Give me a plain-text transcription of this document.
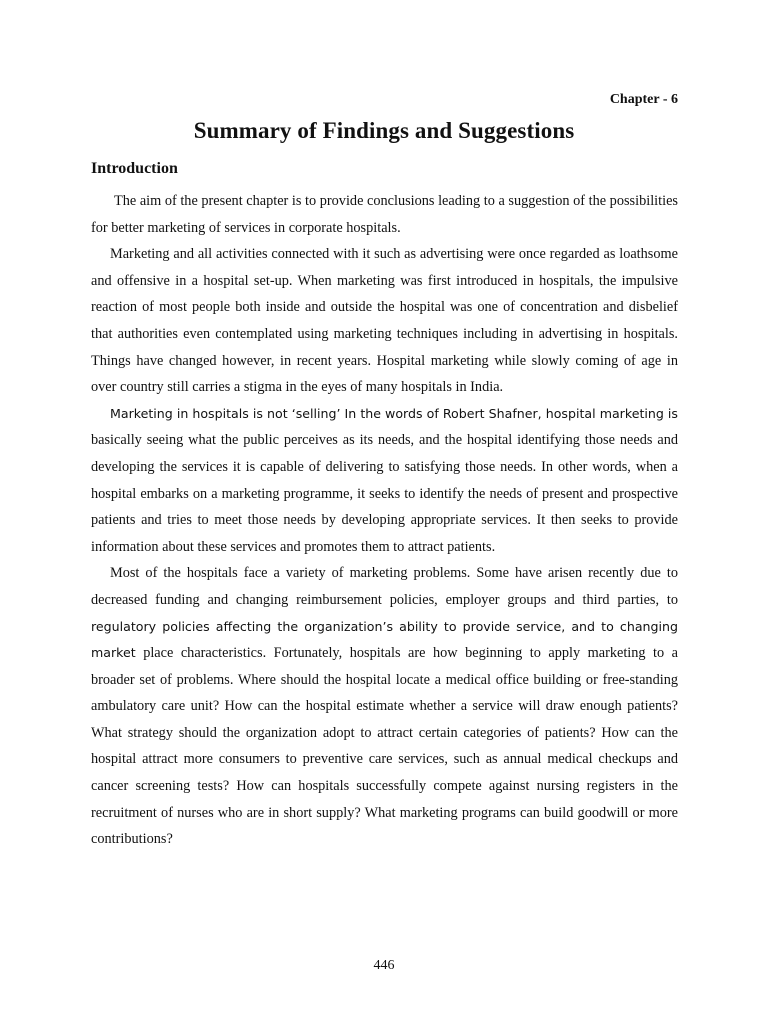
Chapter - 6
Summary of Findings and Suggestions
Introduction

The aim of the present chapter is to provide conclusions leading to a suggestion of the possibilities for better marketing of services in corporate hospitals.

Marketing and all activities connected with it such as advertising were once regarded as loathsome and offensive in a hospital set-up. When marketing was first introduced in hospitals, the impulsive reaction of most people both inside and outside the hospital was one of concentration and disbelief that authorities even contemplated using marketing techniques including in advertising in hospitals. Things have changed however, in recent years. Hospital marketing while slowly coming of age in over country still carries a stigma in the eyes of many hospitals in India.

Marketing in hospitals is not ‘selling’ In the words of Robert Shafner, hospital marketing is basically seeing what the public perceives as its needs, and the hospital identifying those needs and developing the services it is capable of delivering to satisfying those needs. In other words, when a hospital embarks on a marketing programme, it seeks to identify the needs of present and prospective patients and tries to meet those needs by developing appropriate services. It then seeks to provide information about these services and promotes them to attract patients.

Most of the hospitals face a variety of marketing problems. Some have arisen recently due to decreased funding and changing reimbursement policies, employer groups and third parties, to regulatory policies affecting the organization’s ability to provide service, and to changing market place characteristics. Fortunately, hospitals are how beginning to apply marketing to a broader set of problems. Where should the hospital locate a medical office building or free-standing ambulatory care unit? How can the hospital estimate whether a service will draw enough patients? What strategy should the organization adopt to attract certain categories of patients? How can the hospital attract more consumers to preventive care services, such as annual medical checkups and cancer screening tests? How can hospitals successfully compete against nursing registers in the recruitment of nurses who are in short supply? What marketing programs can build goodwill or more contributions?

446
